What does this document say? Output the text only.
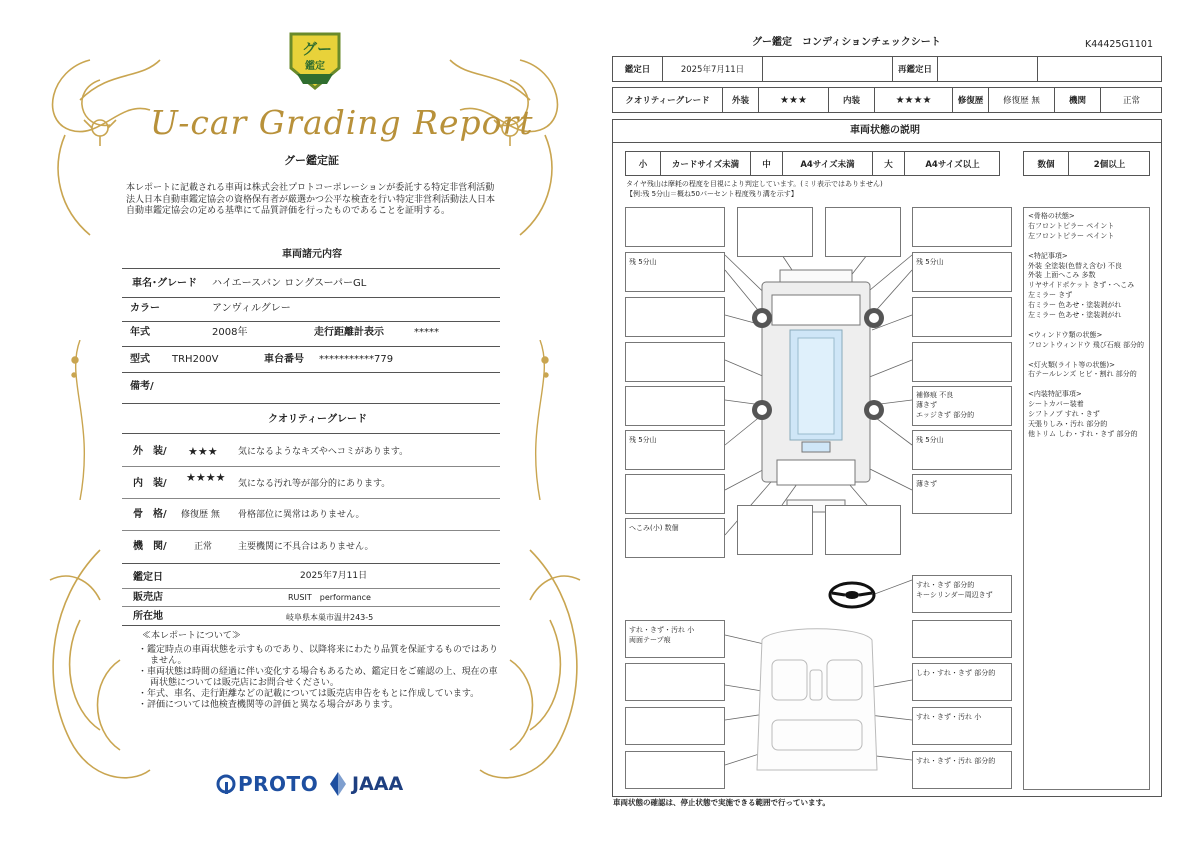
グー
鑑定
U-car Grading Report
グー鑑定証
本レポートに記載される車両は株式会社プロトコーポレーションが委託する特定非営利活動法人日本自動車鑑定協会の資格保有者が厳選かつ公平な検査を行い特定非営利活動法人日本自動車鑑定協会の定める基準にて品質評価を行ったものであることを証明する。
車両諸元内容
車名･グレード ハイエースバン ロングスーパーGL
カラー	アンヴィルグレー
年式	2008年	走行距離計表示	*****
型式 TRH200V	車台番号 ***********779
備考/
クオリティーグレード
外　装/ ★★★ 気になるようなキズやヘコミがあります。
内　装/ ★★★★ 気になる汚れ等が部分的にあります。
骨　格/ 修復歴 無 骨格部位に異常はありません。
機　関/	正常	主要機関に不具合はありません。
鑑定日	2025年7月11日
販売店	RUSIT　performance
所在地	岐阜県本巣市温井243-5
≪本レポートについて≫

・鑑定時点の車両状態を示すものであり、以降将来にわたり品質を保証するものではありません。

・車両状態は時間の経過に伴い変化する場合もあるため、鑑定日をご確認の上、現在の車両状態については販売店にお問合せください。

・年式、車名、走行距離などの記載については販売店申告をもとに作成しています。

・評価については他検査機関等の評価と異なる場合があります。

PROTO JAAA
グー鑑定　コンディションチェックシート	K44425G1101
鑑定日	2025年7月11日	再鑑定日
クオリティーグレード	外装	★★★	内装	★★★★	修復歴	修復歴 無	機関	正常
車両状態の説明
小	カードサイズ未満	中	A4サイズ未満	大	A4サイズ以上	数個	2個以上
タイヤ残山は摩耗の程度を目視により判定しています。(ミリ表示ではありません)
【例:残 5分山＝概ね50パーセント程度残り溝を示す】
<骨格の状態>
右フロントピラー ペイント
左フロントピラー ペイント
<特記事項>
外装 全塗装(色替え含む) 不良
外装 上面へこみ 多数
リヤサイドポケット きず・へこみ
左ミラー きず
右ミラー 色あせ・塗装剥がれ
左ミラー 色あせ・塗装剥がれ
<ウィンドウ類の状態>
フロントウィンドウ 飛び石痕 部分的
<灯火類(ライト等の状態)>
右テールレンズ ヒビ・割れ 部分的
<内装特記事項>
シートカバー装着
シフトノブ すれ・きず
天張りしみ・汚れ 部分的
他トリム しわ・すれ・きず 部分的
残 5分山
残 5分山
へこみ(小) 数個
残 5分山
補修痕 不良
薄きず
エッジきず 部分的
残 5分山
薄きず
すれ・きず 部分的
キーシリンダー周辺きず
すれ・きず・汚れ 小
両面テープ痕
しわ・すれ・きず 部分的
すれ・きず・汚れ 小
すれ・きず・汚れ 部分的
車両状態の確認は、停止状態で実施できる範囲で行っています。
